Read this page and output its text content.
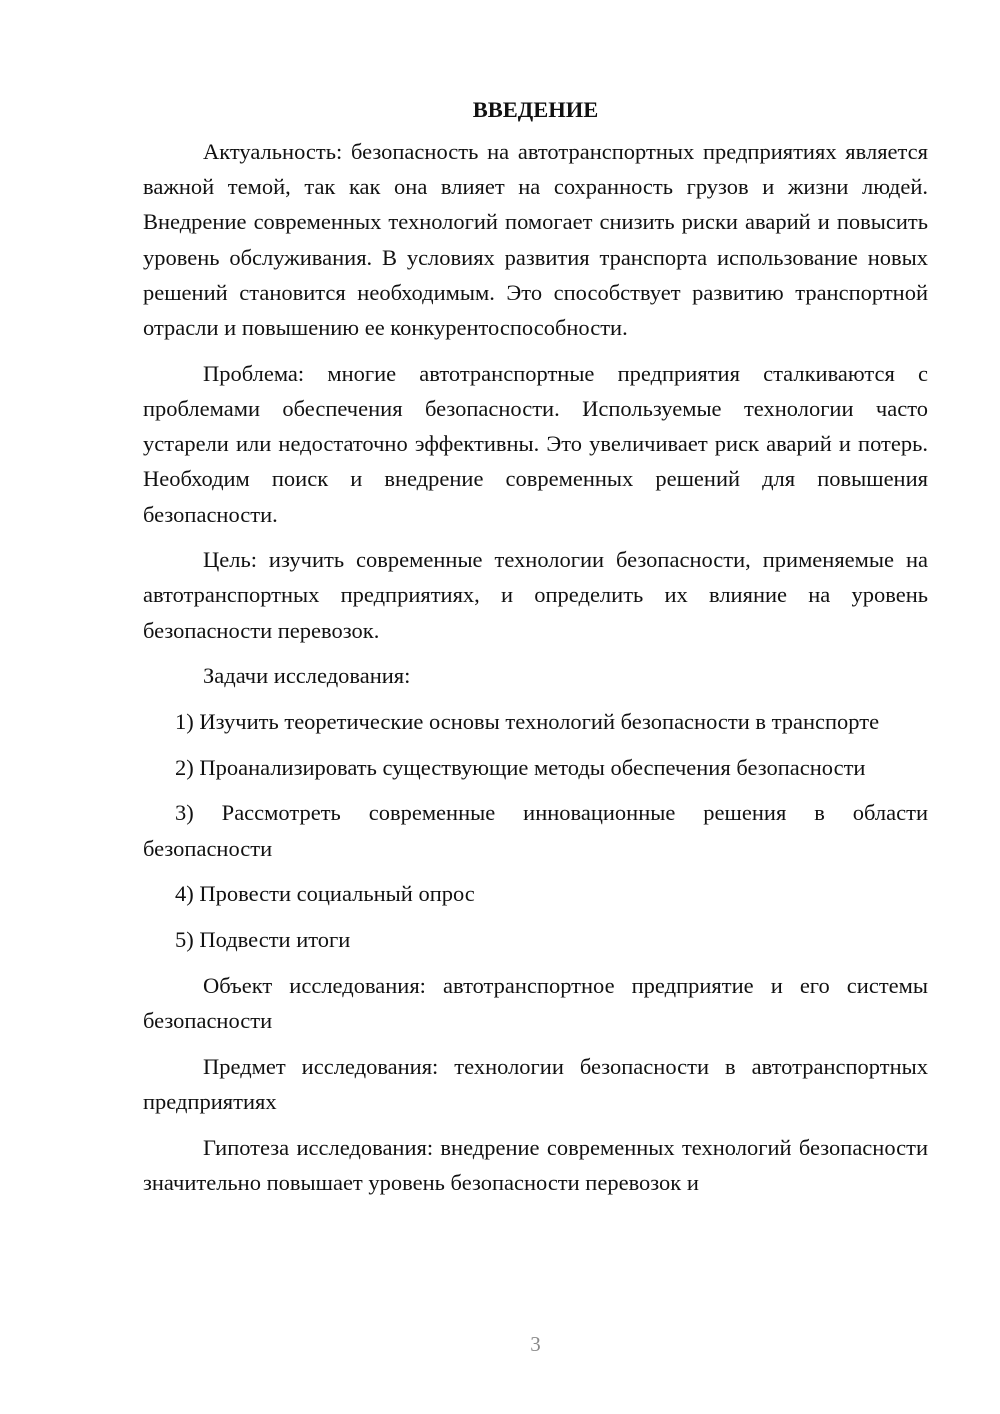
ВВЕДЕНИЕ

Актуальность: безопасность на автотранспортных предприятиях является важной темой, так как она влияет на сохранность грузов и жизни людей. Внедрение современных технологий помогает снизить риски аварий и повысить уровень обслуживания. В условиях развития транспорта использование новых решений становится необходимым. Это способствует развитию транспортной отрасли и повышению ее конкурентоспособности.

Проблема: многие автотранспортные предприятия сталкиваются с проблемами обеспечения безопасности. Используемые технологии часто устарели или недостаточно эффективны. Это увеличивает риск аварий и потерь. Необходим поиск и внедрение современных решений для повышения безопасности.

Цель: изучить современные технологии безопасности, применяемые на автотранспортных предприятиях, и определить их влияние на уровень безопасности перевозок.

Задачи исследования:

1) Изучить теоретические основы технологий безопасности в транспорте

2) Проанализировать существующие методы обеспечения безопасности

3) Рассмотреть современные инновационные решения в области безопасности

4) Провести социальный опрос

5) Подвести итоги

Объект исследования: автотранспортное предприятие и его системы безопасности

Предмет исследования: технологии безопасности в автотранспортных предприятиях

Гипотеза исследования: внедрение современных технологий безопасности значительно повышает уровень безопасности перевозок и

3
